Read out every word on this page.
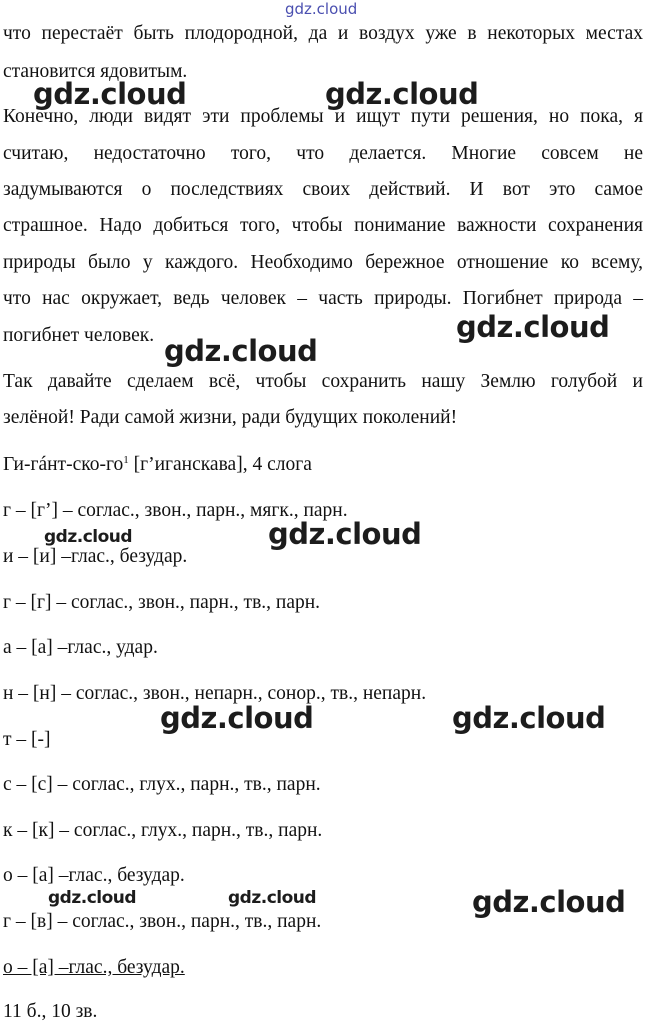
gdz.cloud
что перестаёт быть плодородной, да и воздух уже в некоторых местах
становится ядовитым.
Конечно, люди видят эти проблемы и ищут пути решения, но пока, я
считаю, недостаточно того, что делается. Многие совсем не
задумываются о последствиях своих действий. И вот это самое
страшное. Надо добиться того, чтобы понимание важности сохранения
природы было у каждого. Необходимо бережное отношение ко всему,
что нас окружает, ведь человек – часть природы. Погибнет природа –
погибнет человек.
Так давайте сделаем всё, чтобы сохранить нашу Землю голубой и
зелёной! Ради самой жизни, ради будущих поколений!
$Ги-гáнт-ско-го^1$ [г’иганскава], 4 слога
г – [г’] – соглас., звон., парн., мягк., парн.
и – [и] –глас., безудар.
г – [г] – соглас., звон., парн., тв., парн.
а – [а] –глас., удар.
н – [н] – соглас., звон., непарн., сонор., тв., непарн.
т – [-]
с – [с] – соглас., глух., парн., тв., парн.
к – [к] – соглас., глух., парн., тв., парн.
о – [а] –глас., безудар.
г – [в] – соглас., звон., парн., тв., парн.
о – [а] –глас., безудар.
11 б., 10 зв.
gdz.cloud	gdz.cloud
gdz.cloud
gdz.cloud
gdz.cloud	gdz.cloud
gdz.cloud	gdz.cloud
gdz.cloud	gdz.cloud	gdz.cloud
